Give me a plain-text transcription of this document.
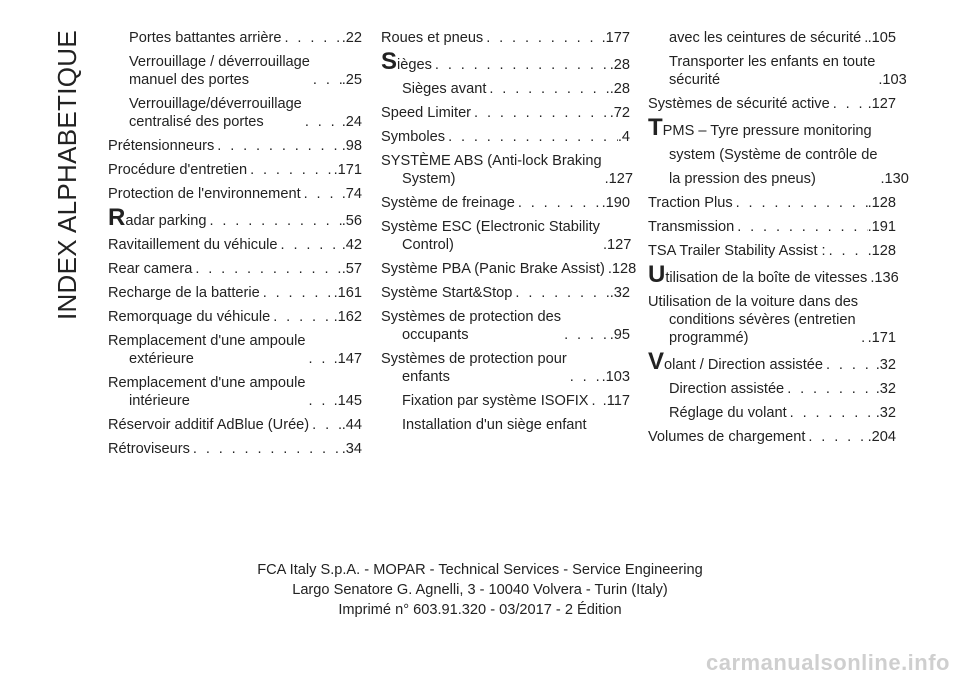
INDEX ALPHABETIQUE	Portes battantes arrière . . .	.22
Verrouillage / déverrouillage
manuel des portes . . .	.25
Verrouillage/déverrouillage
centralisé des portes . . .	.24
Prétensionneurs . . .	.98
Procédure d'entretien . . .	.171
Protection de l'environnement . . .	.74
Radar parking . . .	.56
Ravitaillement du véhicule . . .	.42
Rear camera . . .	.57
Recharge de la batterie . . .	.161
Remorquage du véhicule . . .	.162
Remplacement d'une ampoule
extérieure . . .	.147
Remplacement d'une ampoule
intérieure . . .	.145
Réservoir additif AdBlue (Urée) . . . .44
Rétroviseurs . . .	.34
Roues et pneus . . .	.177
Sièges . . .	.28
Sièges avant . . .	.28
Speed Limiter . . .	.72
Symboles . . .	.4
SYSTÈME ABS (Anti-lock Braking
System) . . .	.127
Système de freinage . . .	.190
Système ESC (Electronic Stability
Control) . . .	.127
Système PBA (Panic Brake Assist) . . . .128
Système Start&Stop . . .	.32
Systèmes de protection des
occupants . . .	.95
Systèmes de protection pour
enfants . . .	.103
Fixation par système ISOFIX . . . .117
Installation d'un siège enfant
avec les ceintures de sécurité . . . .105
Transporter les enfants en toute
sécurité . . .	.103
Systèmes de sécurité active . . .	.127
TPMS – Tyre pressure monitoring
system (Système de contrôle de
la pression des pneus) . . .	.130
Traction Plus . . .	.128
Transmission . . .	.191
TSA Trailer Stability Assist : . . .	.128
Utilisation de la boîte de vitesses . . . .136
Utilisation de la voiture dans des
conditions sévères (entretien
programmé) . . .	.171
Volant / Direction assistée . . .	.32
Direction assistée . . .	.32
Réglage du volant . . .	.32
Volumes de chargement . . .	.204
FCA Italy S.p.A. - MOPAR - Technical Services - Service Engineering
Largo Senatore G. Agnelli, 3 - 10040 Volvera - Turin (Italy)
Imprimé n° 603.91.320 - 03/2017 - 2 Édition
carmanualsonline.info
